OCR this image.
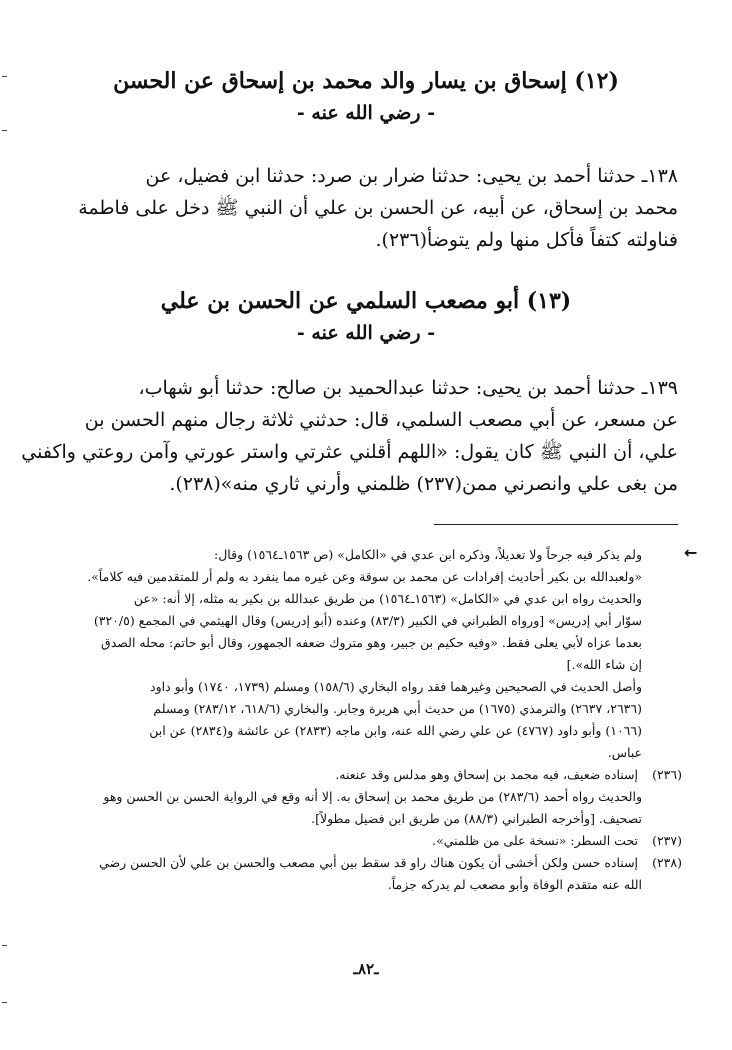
(١٢) إسحاق بن يسار والد محمد بن إسحاق عن الحسن
- رضي الله عنه -
١٣٨ـ حدثنا أحمد بن يحيى: حدثنا ضرار بن صرد: حدثنا ابن فضيل، عن
محمد بن إسحاق، عن أبيه، عن الحسن بن علي أن النبي ﷺ دخل على فاطمة
فناولته كتفاً فأكل منها ولم يتوضأ(٢٣٦).
(١٣) أبو مصعب السلمي عن الحسن بن علي
- رضي الله عنه -
١٣٩ـ حدثنا أحمد بن يحيى: حدثنا عبدالحميد بن صالح: حدثنا أبو شهاب،
عن مسعر، عن أبي مصعب السلمي، قال: حدثني ثلاثة رجال منهم الحسن بن
علي، أن النبي ﷺ كان يقول: «اللهم أقلني عثرتي واستر عورتي وآمن روعتي واكفني
من بغى علي وانصرني ممن(٢٣٧) ظلمني وأرني ثاري منه»(٢٣٨).
←
ولم يذكر فيه جرحاً ولا تعديلاً، وذكره ابن عدي في «الكامل» (ص ١٥٦٣ـ١٥٦٤) وقال:
«ولعبدالله بن بكير أحاديث إفرادات عن محمد بن سوقة وعن غيره مما ينفرد به ولم أر للمتقدمين فيه كلاماً».
والحديث رواه ابن عدي في «الكامل» (١٥٦٣ـ١٥٦٤) من طريق عبدالله بن بكير به مثله، إلا أنه: «عن
سوّار أبي إدريس» [ورواه الطبراني في الكبير (٨٣/٣) وعنده (أبو إدريس) وقال الهيثمي في المجمع (٣٢٠/٥)
بعدما عزاه لأبي يعلى فقط. «وفيه حكيم بن جبير، وهو متروك ضعفه الجمهور، وقال أبو حاتم: محله الصدق
إن شاء الله».]
وأصل الحديث في الصحيحين وغيرهما فقد رواه البخاري (١٥٨/٦) ومسلم (١٧٣٩، ١٧٤٠) وأبو داود
(٢٦٣٦، ٢٦٣٧) والترمذي (١٦٧٥) من حديث أبي هريرة وجابر. والبخاري (٦١٨/٦، ٢٨٣/١٢) ومسلم
(١٠٦٦) وأبو داود (٤٧٦٧) عن علي رضي الله عنه، وابن ماجه (٢٨٣٣) عن عائشة و(٢٨٣٤) عن ابن
عباس.
(٢٣٦) إسناده ضعيف، فيه محمد بن إسحاق وهو مدلس وقد عنعنه.
والحديث رواه أحمد (٢٨٣/٦) من طريق محمد بن إسحاق به. إلا أنه وقع في الرواية الحسن بن الحسن وهو
تصحيف. [وأخرجه الطبراني (٨٨/٣) من طريق ابن فضيل مطولاً].
(٢٣٧) تحت السطر: «نسخة على من ظلمني».
(٢٣٨) إسناده حسن ولكن أخشى أن يكون هناك راو قد سقط بين أبي مصعب والحسن بن علي لأن الحسن رضي
الله عنه متقدم الوفاة وأبو مصعب لم يدركه جزماً.
ـ٨٢ـ
